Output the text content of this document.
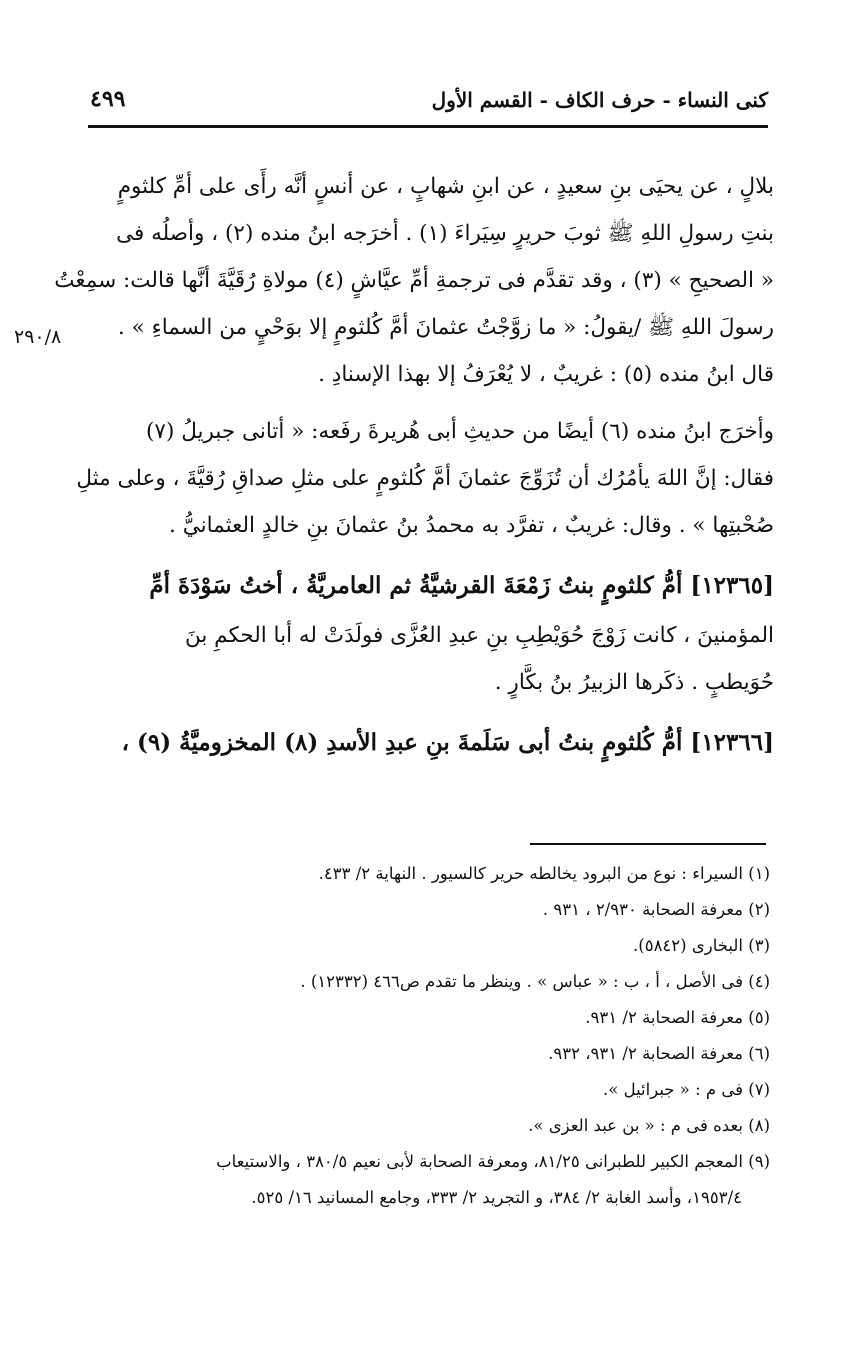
كنى النساء - حرف الكاف - القسم الأول
٤٩٩
٢٩٠/٨
بلالٍ ، عن يحيَى بنِ سعيدٍ ، عن ابنِ شهابٍ ، عن أنسٍ أنَّه رأَى على أمِّ كلثومٍ
بنتِ رسولِ اللهِ ﷺ ثوبَ حريرٍ سِيَراءَ (١) . أخرَجه ابنُ منده (٢) ، وأصلُه فى
« الصحيحِ » (٣) ، وقد تقدَّم فى ترجمةِ أمِّ عيَّاشٍ (٤) مولاةِ رُقَيَّةَ أنَّها قالت: سمِعْتُ
رسولَ اللهِ ﷺ /يقولُ: « ما زوَّجْتُ عثمانَ أمَّ كُلثومٍ إلا بوَحْيٍ من السماءِ » .
قال ابنُ منده (٥) : غريبٌ ، لا يُعْرَفُ إلا بهذا الإسنادِ .
وأخرَج ابنُ منده (٦) أيضًا من حديثِ أبى هُريرةَ رفَعه: « أتانى جبريلُ (٧)
فقال: إنَّ اللهَ يأمُرُك أن تُزَوِّجَ عثمانَ أمَّ كُلثومٍ على مثلِ صداقِ رُقيَّةَ ، وعلى مثلِ
صُحْبتِها » . وقال: غريبٌ ، تفرَّد به محمدُ بنُ عثمانَ بنِ خالدٍ العثمانيُّ .
[١٢٣٦٥] أمُّ كلثومٍ بنتُ زَمْعَةَ القرشيَّةُ ثم العامريَّةُ ، أختُ سَوْدَةَ أمِّ
المؤمنينَ ، كانت زَوْجَ حُوَيْطِبِ بنِ عبدِ العُزَّى فولَدَتْ له أبا الحكمِ بنَ
حُوَيطبٍ . ذكَرها الزبيرُ بنُ بكَّارٍ .
[١٢٣٦٦] أمُّ كُلثومٍ بنتُ أبى سَلَمةَ بنِ عبدِ الأسدِ (٨) المخزوميَّةُ (٩) ،
(١) السيراء : نوع من البرود يخالطه حرير كالسيور . النهاية ٢/ ٤٣٣.
(٢) معرفة الصحابة ٢/٩٣٠ ، ٩٣١ .
(٣) البخارى (٥٨٤٢).
(٤) فى الأصل ، أ ، ب : « عباس » . وينظر ما تقدم ص٤٦٦ (١٢٣٣٢) .
(٥) معرفة الصحابة ٢/ ٩٣١.
(٦) معرفة الصحابة ٢/ ٩٣١، ٩٣٢.
(٧) فى م : « جبرائيل ».
(٨) بعده فى م : « بن عبد العزى ».
(٩) المعجم الكبير للطبرانى ٨١/٢٥، ومعرفة الصحابة لأبى نعيم ٣٨٠/٥ ، والاستيعاب
١٩٥٣/٤، وأسد الغابة ٢/ ٣٨٤، و التجريد ٢/ ٣٣٣، وجامع المسانيد ١٦/ ٥٢٥.
